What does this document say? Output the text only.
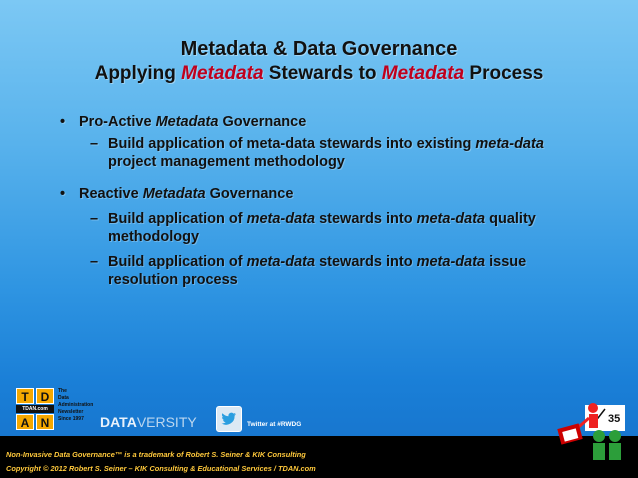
Metadata & Data Governance
Applying Metadata Stewards to Metadata Process
• Pro-Active Metadata Governance
– Build application of meta-data stewards into existing meta-data project management methodology
• Reactive Metadata Governance
– Build application of meta-data stewards into meta-data quality methodology
– Build application of meta-data stewards into meta-data issue resolution process
T D
TDAN.com
A N
The
Data
Administration
Newsletter
Since 1997	DATAVERSITY	Twitter at #RWDG	35
Non-Invasive Data Governance™ is a trademark of Robert S. Seiner & KIK Consulting
Copyright © 2012 Robert S. Seiner – KIK Consulting & Educational Services / TDAN.com
